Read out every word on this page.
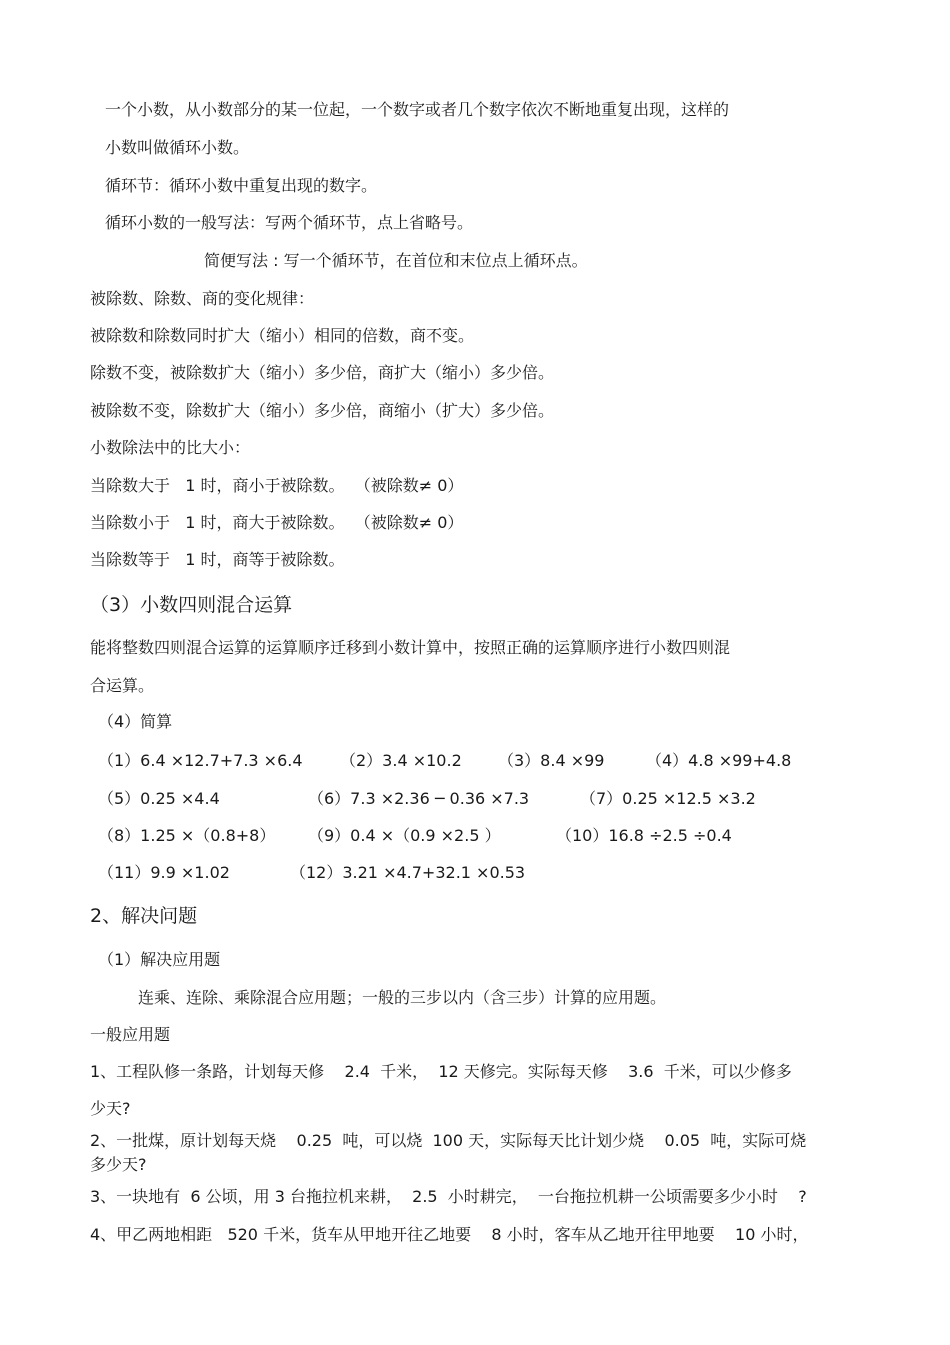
一个小数，从小数部分的某一位起，一个数字或者几个数字依次不断地重复出现，这样的
小数叫做循环小数。
循环节：循环小数中重复出现的数字。
循环小数的一般写法：写两个循环节，点上省略号。
简便写法 : 写一个循环节，在首位和末位点上循环点。
被除数、除数、商的变化规律：
被除数和除数同时扩大（缩小）相同的倍数，商不变。
除数不变，被除数扩大（缩小）多少倍，商扩大（缩小）多少倍。
被除数不变，除数扩大（缩小）多少倍，商缩小（扩大）多少倍。
小数除法中的比大小：
当除数大于   1 时，商小于被除数。  （被除数≠ 0）
当除数小于   1 时，商大于被除数。  （被除数≠ 0）
当除数等于   1 时，商等于被除数。
（3）小数四则混合运算
能将整数四则混合运算的运算顺序迁移到小数计算中，按照正确的运算顺序进行小数四则混
合运算。
（4）简算
（1）6.4 ×12.7+7.3 ×6.4 （2）3.4 ×10.2 （3）8.4 ×99	（4）4.8 ×99+4.8
（5）0.25 ×4.4	（6）7.3 ×2.36 ─ 0.36 ×7.3	（7）0.25 ×12.5 ×3.2
（8）1.25 ×（0.8+8） （9）0.4 ×（0.9 ×2.5 ）	（10）16.8 ÷2.5 ÷0.4
（11）9.9 ×1.02	（12）3.21 ×4.7+32.1 ×0.53
2、解决问题
（1）解决应用题
连乘、连除、乘除混合应用题；一般的三步以内（含三步）计算的应用题。
一般应用题
1、工程队修一条路，计划每天修    2.4  千米，  12 天修完。实际每天修    3.6  千米，可以少修多
少天?
2、一批煤，原计划每天烧    0.25  吨，可以烧  100 天，实际每天比计划少烧    0.05  吨，实际可烧
多少天?
3、一块地有  6 公顷，用 3 台拖拉机来耕，  2.5  小时耕完，  一台拖拉机耕一公顷需要多少小时    ?
4、甲乙两地相距   520 千米，货车从甲地开往乙地要    8 小时，客车从乙地开往甲地要    10 小时，
